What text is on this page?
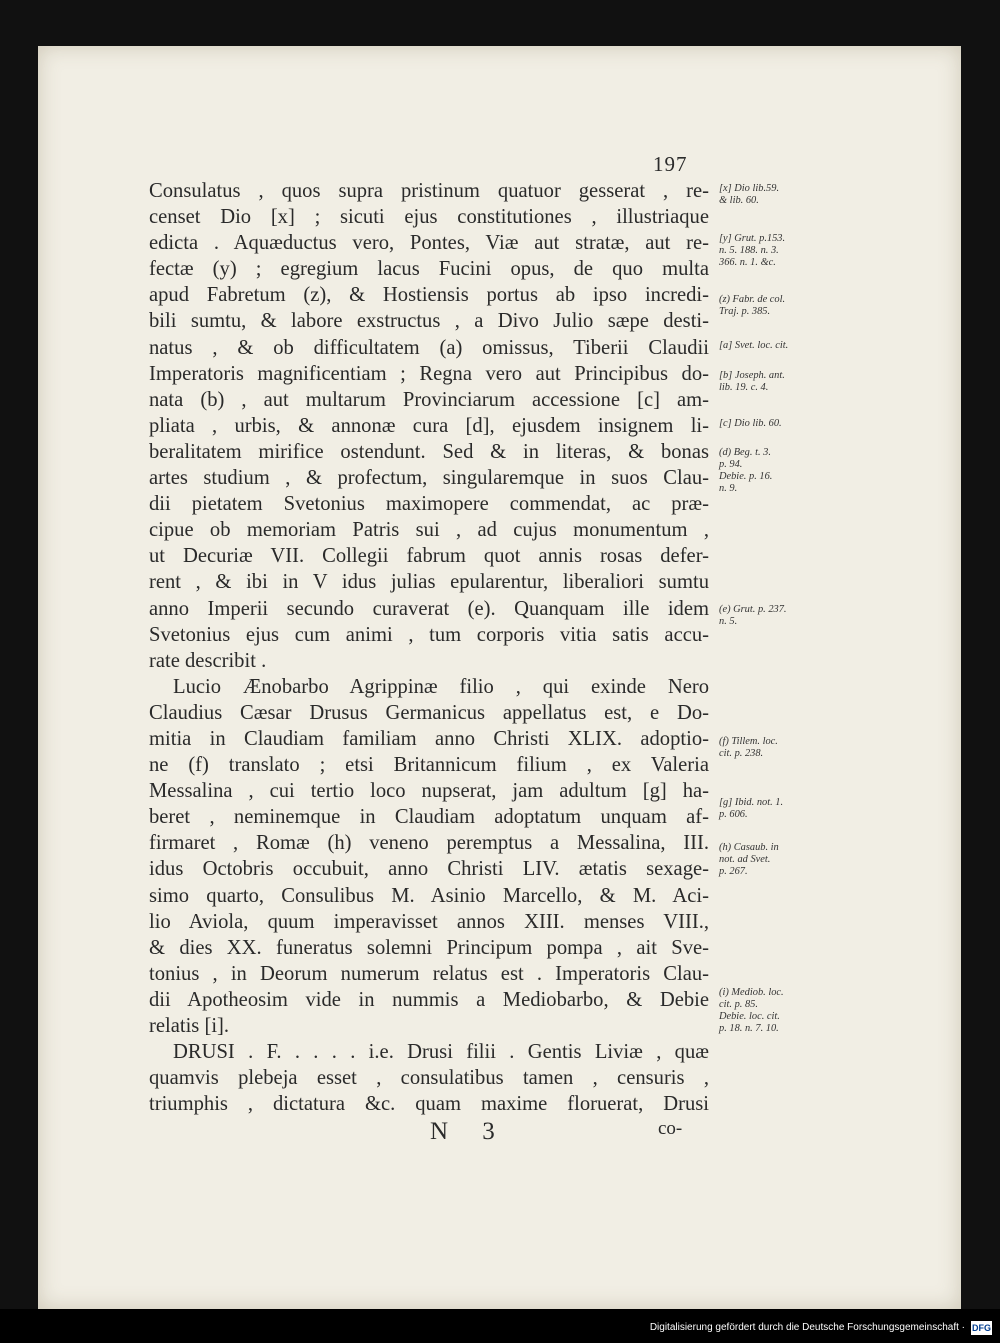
197
Consulatus , quos supra pristinum quatuor gesserat , re-
censet Dio [x] ; sicuti ejus constitutiones , illustriaque
edicta . Aquæductus vero, Pontes, Viæ aut stratæ, aut re-
fectæ (y) ; egregium lacus Fucini opus, de quo multa
apud Fabretum (z), & Hostiensis portus ab ipso incredi-
bili sumtu, & labore exstructus , a Divo Julio sæpe desti-
natus , & ob difficultatem (a) omissus, Tiberii Claudii
Imperatoris magnificentiam ; Regna vero aut Principibus do-
nata (b) , aut multarum Provinciarum accessione [c] am-
pliata , urbis, & annonæ cura [d], ejusdem insignem li-
beralitatem mirifice ostendunt. Sed & in literas, & bonas
artes studium , & profectum, singularemque in suos Clau-
dii pietatem Svetonius maximopere commendat, ac præ-
cipue ob memoriam Patris sui , ad cujus monumentum ,
ut Decuriæ VII. Collegii fabrum quot annis rosas defer-
rent , & ibi in V idus julias epularentur, liberaliori sumtu
anno Imperii secundo curaverat (e). Quanquam ille idem
Svetonius ejus cum animi , tum corporis vitia satis accu-
rate describit .
Lucio Ænobarbo Agrippinæ filio , qui exinde Nero
Claudius Cæsar Drusus Germanicus appellatus est, e Do-
mitia in Claudiam familiam anno Christi XLIX. adoptio-
ne (f) translato ; etsi Britannicum filium , ex Valeria
Messalina , cui tertio loco nupserat, jam adultum [g] ha-
beret , neminemque in Claudiam adoptatum unquam af-
firmaret , Romæ (h) veneno peremptus a Messalina, III.
idus Octobris occubuit, anno Christi LIV. ætatis sexage-
simo quarto, Consulibus M. Asinio Marcello, & M. Aci-
lio Aviola, quum imperavisset annos XIII. menses VIII.,
& dies XX. funeratus solemni Principum pompa , ait Sve-
tonius , in Deorum numerum relatus est . Imperatoris Clau-
dii Apotheosim vide in nummis a Mediobarbo, & Debie
relatis [i].
DRUSI . F. . . . . i.e. Drusi filii . Gentis Liviæ , quæ
quamvis plebeja esset , consulatibus tamen , censuris ,
triumphis , dictatura &c. quam maxime floruerat, Drusi
[x] Dio lib.59.
& lib. 60.
[y] Grut. p.153.
n. 5. 188. n. 3.
366. n. 1. &c.
(z) Fabr. de col.
Traj. p. 385.
[a] Svet. loc. cit.
[b] Joseph. ant.
lib. 19. c. 4.
[c] Dio lib. 60.
(d) Beg. t. 3.
p. 94.
Debie. p. 16.
n. 9.
(e) Grut. p. 237.
n. 5.
(f) Tillem. loc.
cit. p. 238.
[g] Ibid. not. 1.
p. 606.
(h) Casaub. in
not. ad Svet.
p. 267.
(i) Mediob. loc.
cit. p. 85.
Debie. loc. cit.
p. 18. n. 7. 10.
N 3	co-
Digitalisierung gefördert durch die Deutsche Forschungsgemeinschaft · DFG
